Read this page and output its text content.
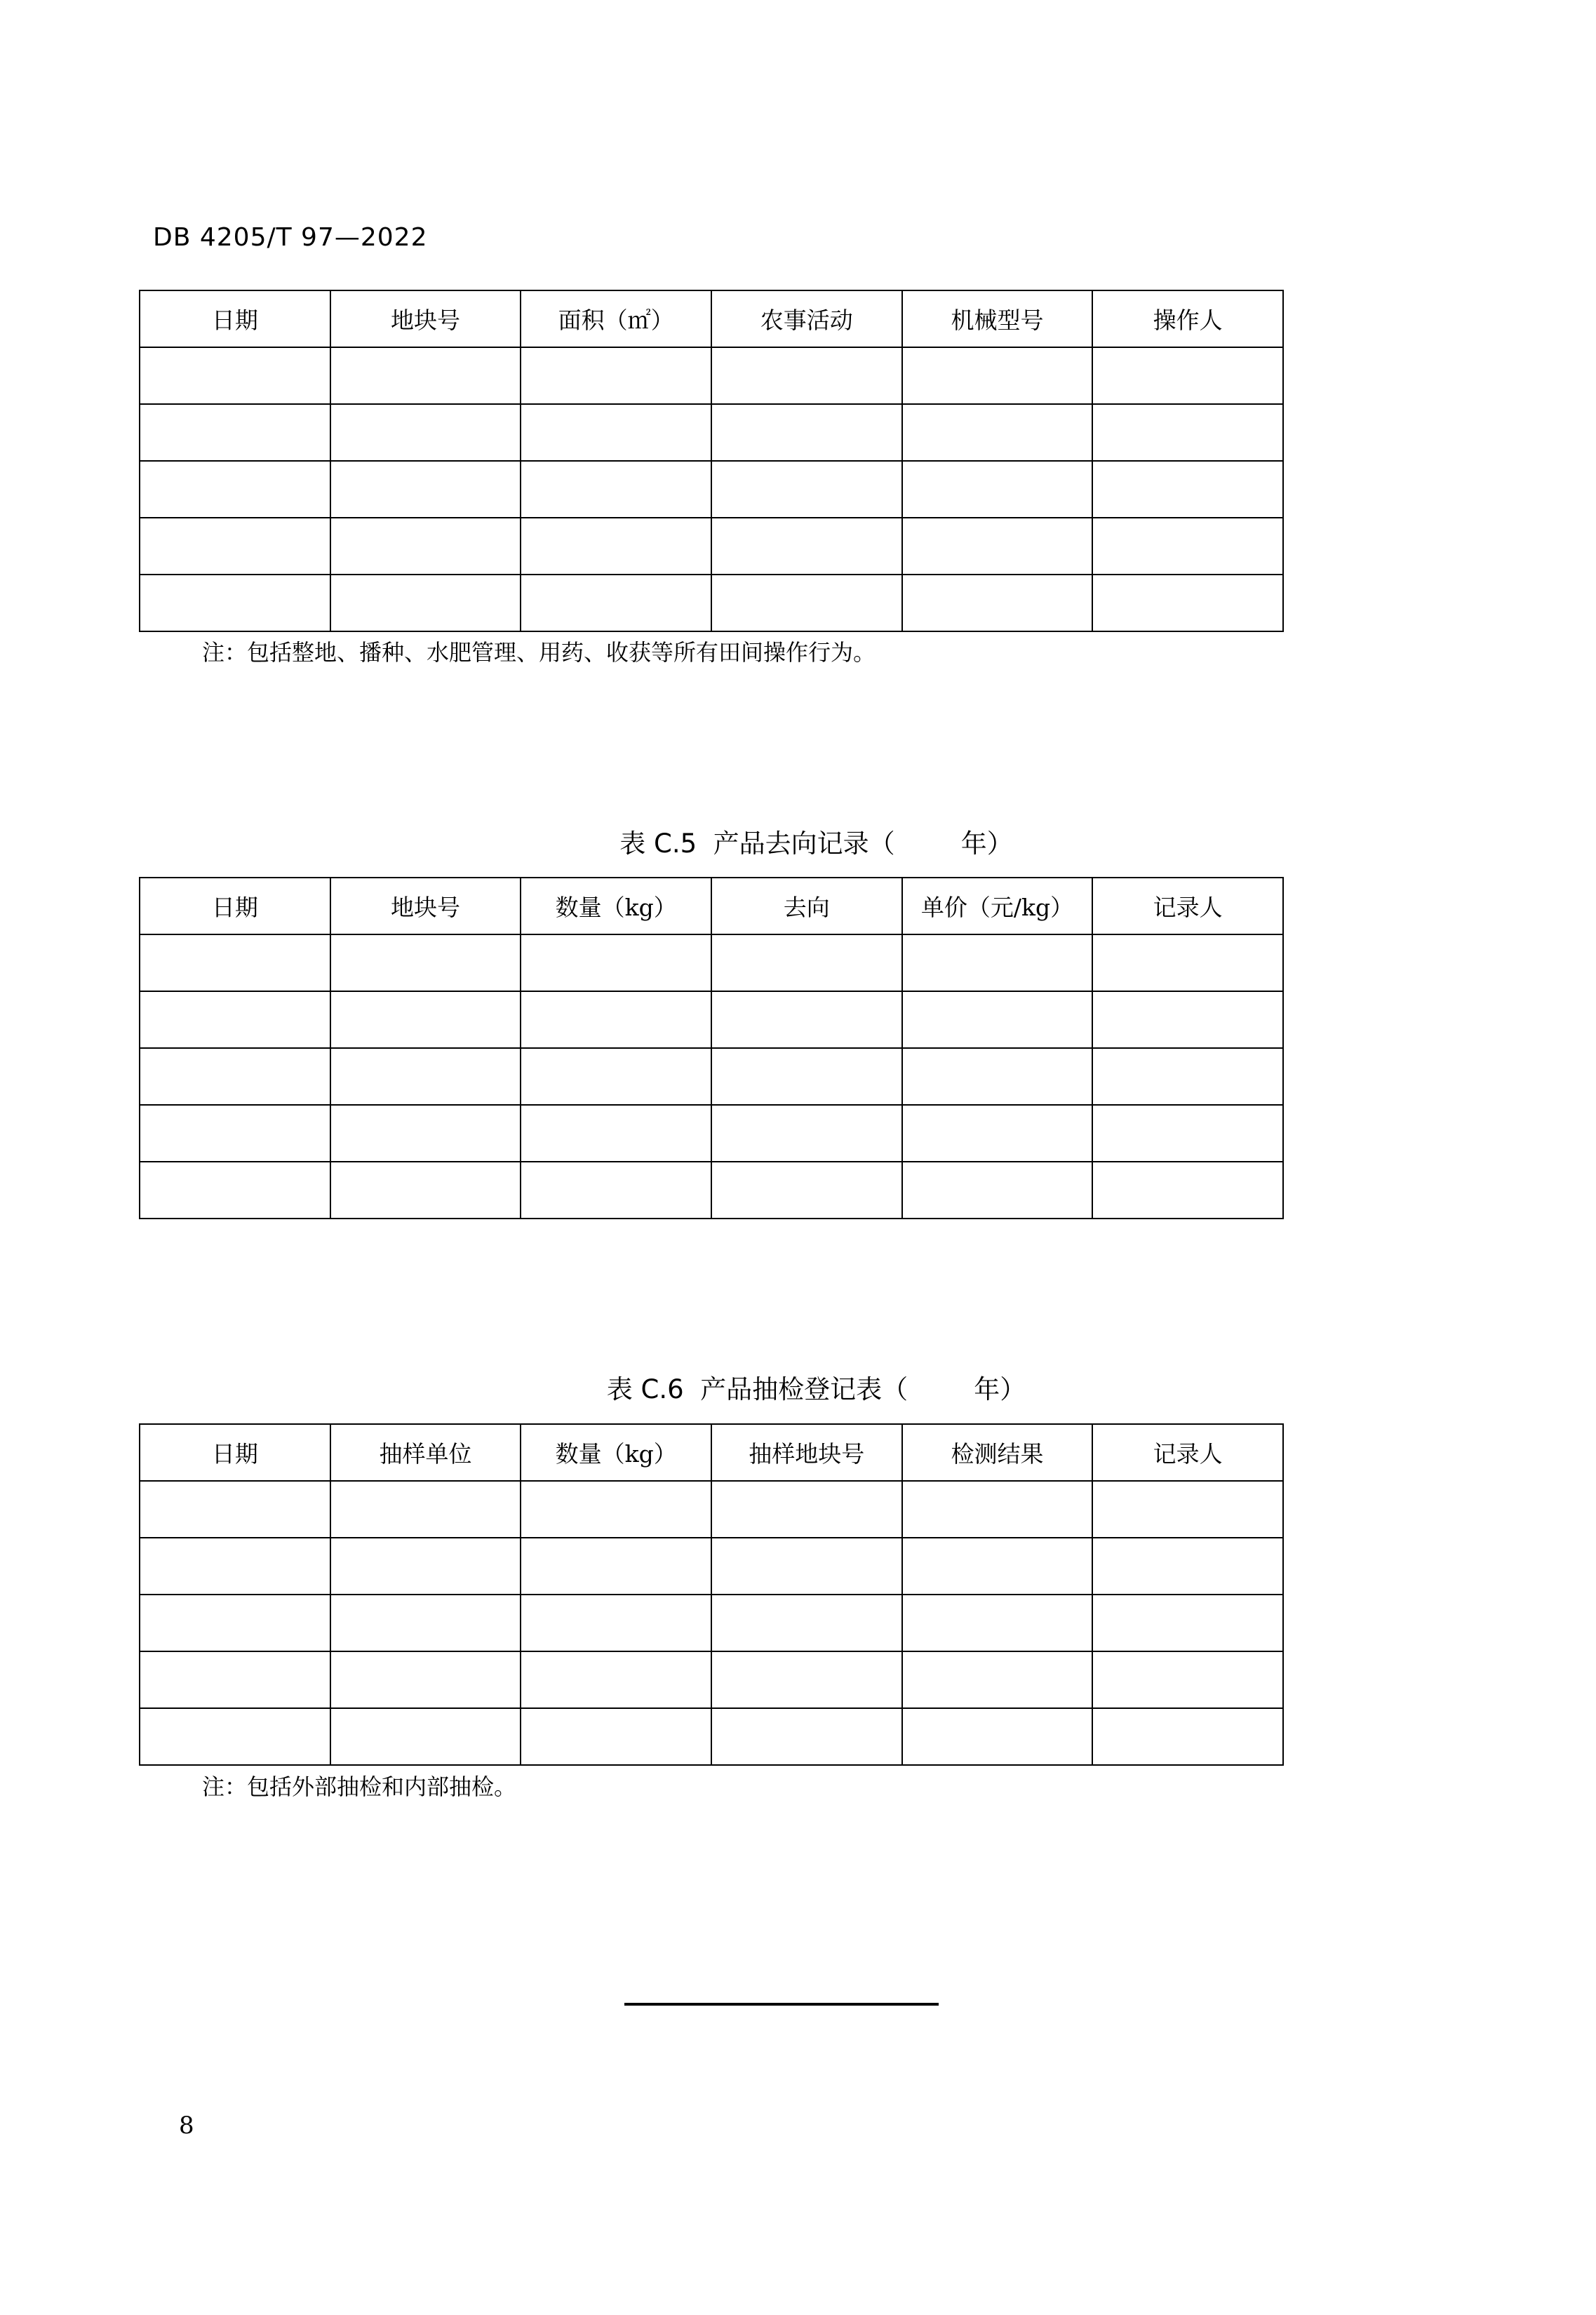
DB 4205/T 97—2022
日期	地块号	面积（㎡）	农事活动	机械型号	操作人

注：包括整地、播种、水肥管理、用药、收获等所有田间操作行为。
表 C.5  产品去向记录（        年）
日期	地块号	数量（kg）	去向	单价（元/kg）	记录人

表 C.6  产品抽检登记表（        年）
日期	抽样单位	数量（kg）	抽样地块号	检测结果	记录人

注：包括外部抽检和内部抽检。
8
